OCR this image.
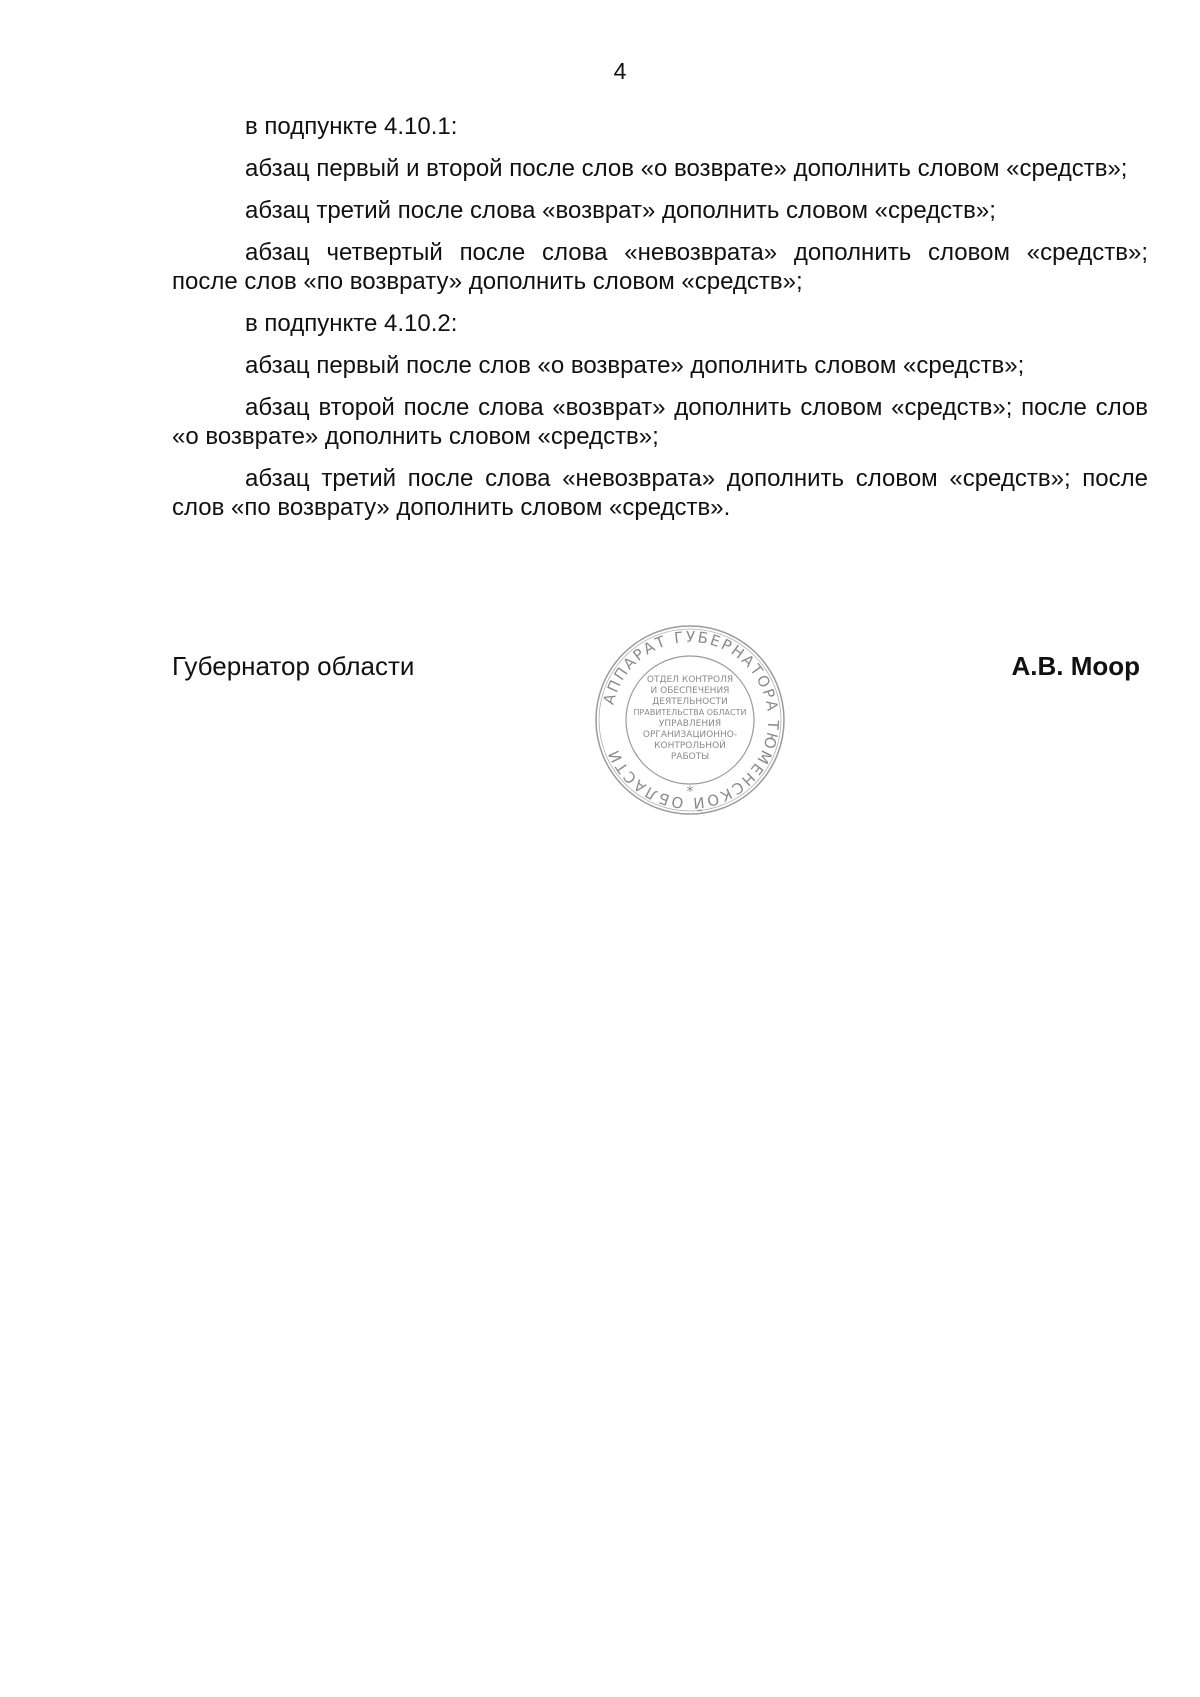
4

в подпункте 4.10.1:

абзац первый и второй после слов «о возврате» дополнить словом «средств»;

абзац третий после слова «возврат» дополнить словом «средств»;

абзац четвертый после слова «невозврата» дополнить словом «средств»; после слов «по возврату» дополнить словом «средств»;

в подпункте 4.10.2:

абзац первый после слов «о возврате» дополнить словом «средств»;

абзац второй после слова «возврат» дополнить словом «средств»; после слов «о возврате» дополнить словом «средств»;

абзац третий после слова «невозврата» дополнить словом «средств»; после слов «по возврату» дополнить словом «средств».

Губернатор области
АППАРАТ ГУБЕРНАТОРА ТЮМЕНСКОЙ ОБЛАСТИ
*
ОТДЕЛ КОНТРОЛЯ
И ОБЕСПЕЧЕНИЯ
ДЕЯТЕЛЬНОСТИ
ПРАВИТЕЛЬСТВА ОБЛАСТИ
УПРАВЛЕНИЯ
ОРГАНИЗАЦИОННО-
КОНТРОЛЬНОЙ
РАБОТЫ
А.В. Моор
